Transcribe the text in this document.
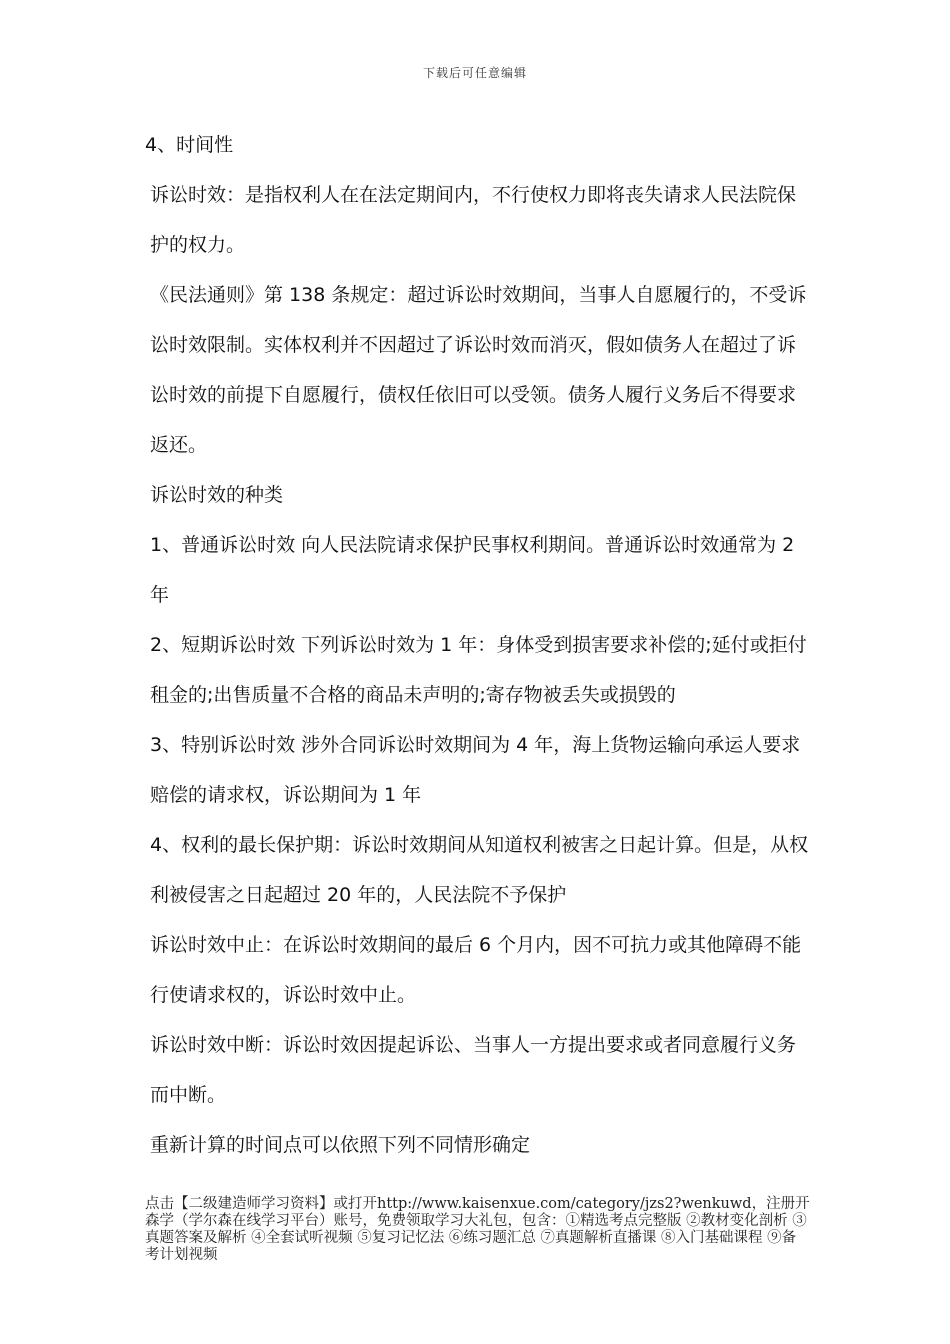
下载后可任意编辑

4、时间性

诉讼时效：是指权利人在在法定期间内，不行使权力即将丧失请求人民法院保护的权力。

《民法通则》第 138 条规定：超过诉讼时效期间，当事人自愿履行的，不受诉讼时效限制。实体权利并不因超过了诉讼时效而消灭，假如债务人在超过了诉讼时效的前提下自愿履行，债权任依旧可以受领。债务人履行义务后不得要求返还。

诉讼时效的种类

1、普通诉讼时效 向人民法院请求保护民事权利期间。普通诉讼时效通常为 2 年

2、短期诉讼时效 下列诉讼时效为 1 年：身体受到损害要求补偿的;延付或拒付租金的;出售质量不合格的商品未声明的;寄存物被丢失或损毁的

3、特别诉讼时效 涉外合同诉讼时效期间为 4 年，海上货物运输向承运人要求赔偿的请求权，诉讼期间为 1 年

4、权利的最长保护期：诉讼时效期间从知道权利被害之日起计算。但是，从权利被侵害之日起超过 20 年的，人民法院不予保护

诉讼时效中止：在诉讼时效期间的最后 6 个月内，因不可抗力或其他障碍不能行使请求权的，诉讼时效中止。

诉讼时效中断：诉讼时效因提起诉讼、当事人一方提出要求或者同意履行义务而中断。

重新计算的时间点可以依照下列不同情形确定

点击【二级建造师学习资料】或打开http://www.kaisenxue.com/category/jzs2?wenkuwd，注册开森学（学尔森在线学习平台）账号，免费领取学习大礼包，包含：①精选考点完整版 ②教材变化剖析 ③真题答案及解析 ④全套试听视频 ⑤复习记忆法 ⑥练习题汇总 ⑦真题解析直播课 ⑧入门基础课程 ⑨备考计划视频
